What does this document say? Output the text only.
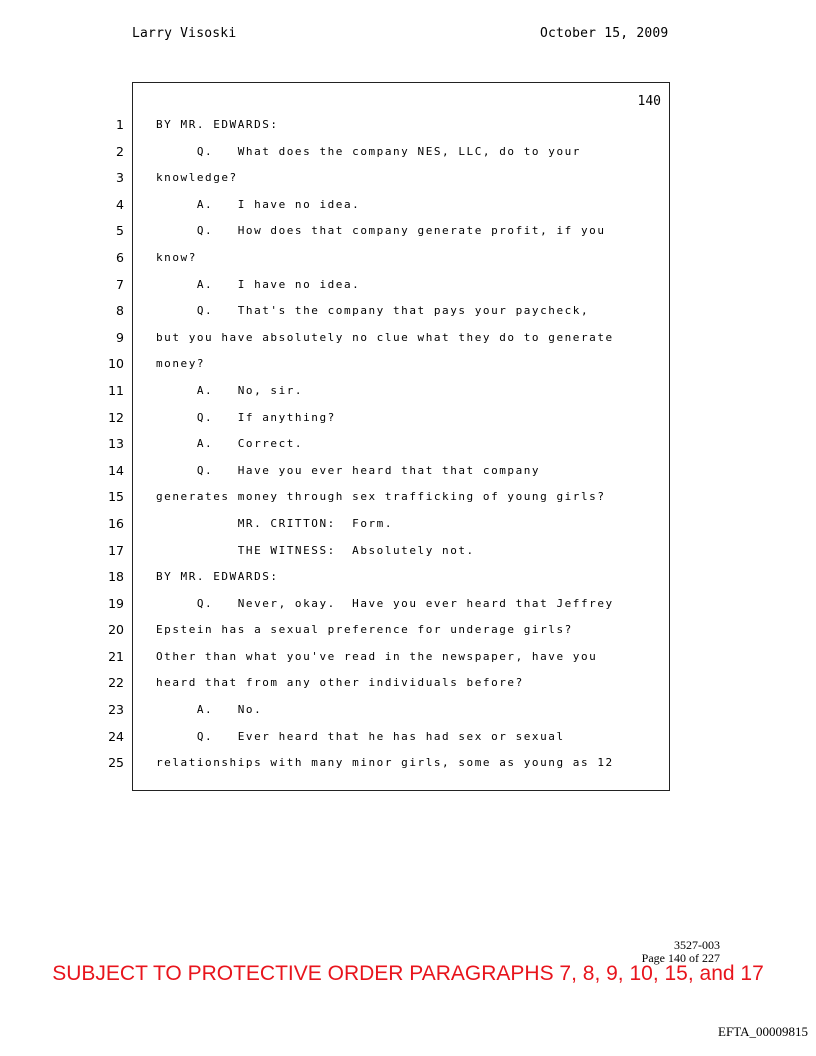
Larry Visoski	October 15, 2009
140
1
2
3
4
5
6
7
8
9
10
11
12
13
14
15
16
17
18
19
20
21
22
23
24
25
BY MR. EDWARDS:
Q.   What does the company NES, LLC, do to your
knowledge?
A.   I have no idea.
Q.   How does that company generate profit, if you
know?
A.   I have no idea.
Q.   That's the company that pays your paycheck,
but you have absolutely no clue what they do to generate
money?
A.   No, sir.
Q.   If anything?
A.   Correct.
Q.   Have you ever heard that that company
generates money through sex trafficking of young girls?
MR. CRITTON:  Form.
THE WITNESS:  Absolutely not.
BY MR. EDWARDS:
Q.   Never, okay.  Have you ever heard that Jeffrey
Epstein has a sexual preference for underage girls?
Other than what you've read in the newspaper, have you
heard that from any other individuals before?
A.   No.
Q.   Ever heard that he has had sex or sexual
relationships with many minor girls, some as young as 12
3527-003
Page 140 of 227
SUBJECT TO PROTECTIVE ORDER PARAGRAPHS 7, 8, 9, 10, 15, and 17
EFTA_00009815
